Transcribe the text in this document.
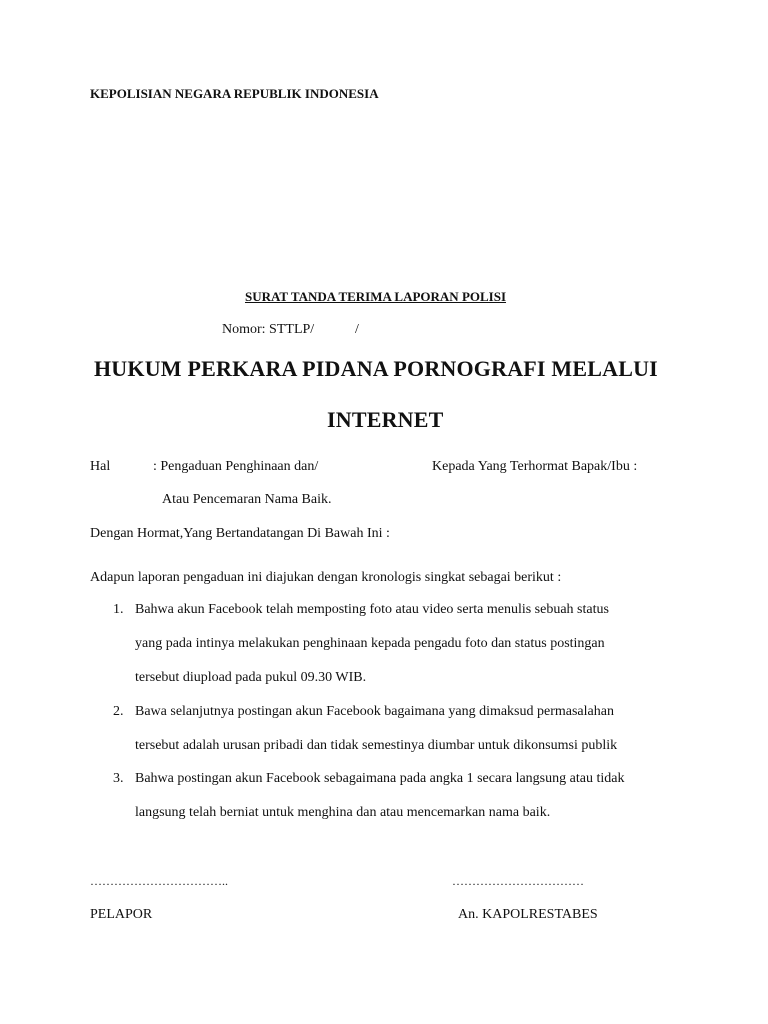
KEPOLISIAN NEGARA REPUBLIK INDONESIA
SURAT TANDA TERIMA LAPORAN POLISI
Nomor: STTLP/	/
HUKUM PERKARA PIDANA PORNOGRAFI MELALUI
INTERNET
Hal	: Pengaduan Penghinaan dan/	Kepada Yang Terhormat Bapak/Ibu :
Atau Pencemaran Nama Baik.
Dengan Hormat,Yang Bertandatangan Di Bawah Ini :
Adapun laporan pengaduan ini diajukan dengan kronologis singkat sebagai berikut :
1. Bahwa akun Facebook telah memposting foto atau video serta menulis sebuah status
yang pada intinya melakukan penghinaan kepada pengadu foto dan status postingan
tersebut diupload pada pukul 09.30 WIB.
2. Bawa selanjutnya postingan akun Facebook bagaimana yang dimaksud permasalahan
tersebut adalah urusan pribadi dan tidak semestinya diumbar untuk dikonsumsi publik
3. Bahwa postingan akun Facebook sebagaimana pada angka 1 secara langsung atau tidak
langsung telah berniat untuk menghina dan atau mencemarkan nama baik.
……………………………..	……………………………
PELAPOR	An. KAPOLRESTABES
